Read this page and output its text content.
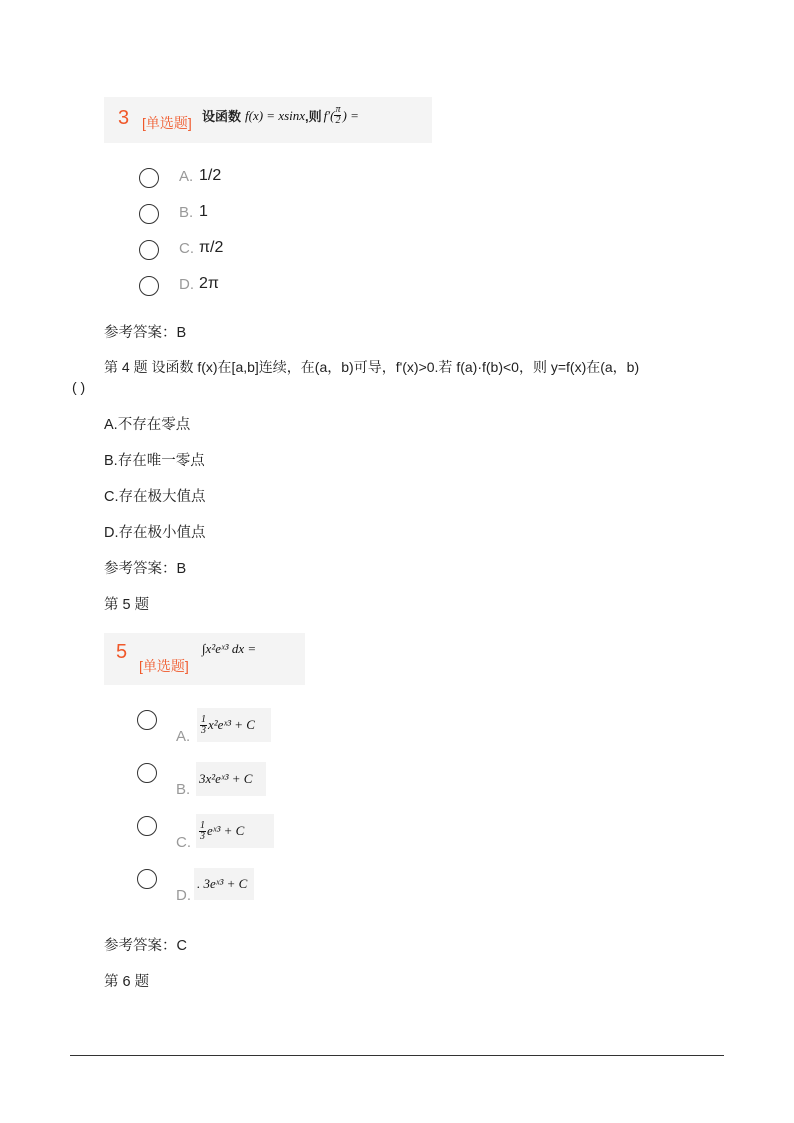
3 [单选题] 设函数 f(x) = xsinx ,则 $f'( \frac{\pi}{2}$ ) =
A. 1/2
B. 1
C. π/2
D. 2π
参考答案：B
第 4 题 设函数 f(x)在[a,b]连续，在(a，b)可导，f'(x)>0.若 f(a)·f(b)<0，则 y=f(x)在(a，b)
( )
A.不存在零点
B.存在唯一零点
C.存在极大值点
D.存在极小值点
参考答案：B
第 5 题
5
[单选题]
∫x²eˣ³ dx =
A.
$\frac{1}{3}$ x²eˣ³ + C
B.
3x²eˣ³ + C
C.
$\frac{1}{3}$ eˣ³ + C
D.
. 3eˣ³ + C
参考答案：C
第 6 题
